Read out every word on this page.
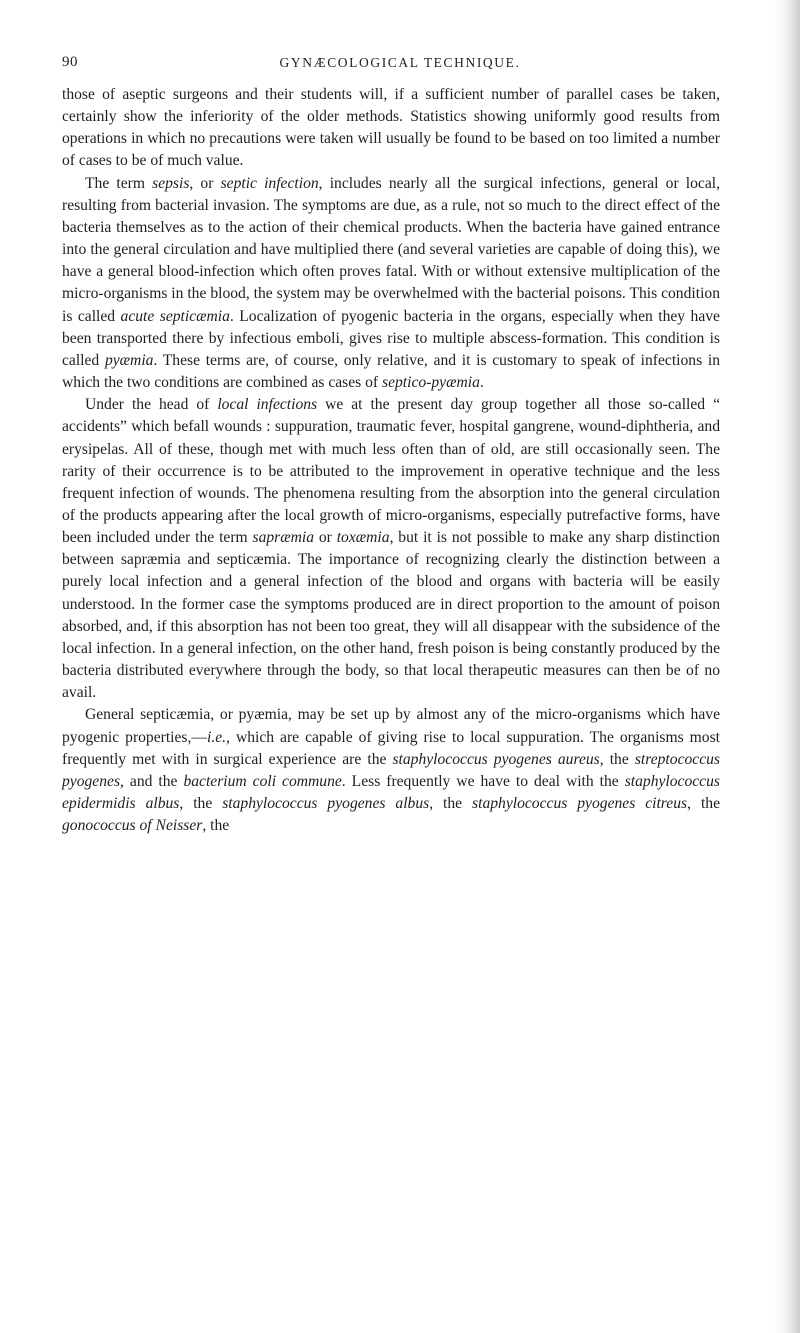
90	GYNÆCOLOGICAL TECHNIQUE.

those of aseptic surgeons and their students will, if a sufficient number of parallel cases be taken, certainly show the inferiority of the older methods. Statistics showing uniformly good results from operations in which no precautions were taken will usually be found to be based on too limited a number of cases to be of much value.

The term sepsis, or septic infection, includes nearly all the surgical infections, general or local, resulting from bacterial invasion. The symptoms are due, as a rule, not so much to the direct effect of the bacteria themselves as to the action of their chemical products. When the bacteria have gained entrance into the general circulation and have multiplied there (and several varieties are capable of doing this), we have a general blood-infection which often proves fatal. With or without extensive multiplication of the micro-organisms in the blood, the system may be overwhelmed with the bacterial poisons. This condition is called acute septicæmia. Localization of pyogenic bacteria in the organs, especially when they have been transported there by infectious emboli, gives rise to multiple abscess-formation. This condition is called pyæmia. These terms are, of course, only relative, and it is customary to speak of infections in which the two conditions are combined as cases of septico-pyæmia.

Under the head of local infections we at the present day group together all those so-called “ accidents” which befall wounds : suppuration, traumatic fever, hospital gangrene, wound-diphtheria, and erysipelas. All of these, though met with much less often than of old, are still occasionally seen. The rarity of their occurrence is to be attributed to the improvement in operative technique and the less frequent infection of wounds. The phenomena resulting from the absorption into the general circulation of the products appearing after the local growth of micro-organisms, especially putrefactive forms, have been included under the term sapræmia or toxæmia, but it is not possible to make any sharp distinction between sapræmia and septicæmia. The importance of recognizing clearly the distinction between a purely local infection and a general infection of the blood and organs with bacteria will be easily understood. In the former case the symptoms produced are in direct proportion to the amount of poison absorbed, and, if this absorption has not been too great, they will all disappear with the subsidence of the local infection. In a general infection, on the other hand, fresh poison is being constantly produced by the bacteria distributed everywhere through the body, so that local therapeutic measures can then be of no avail.

General septicæmia, or pyæmia, may be set up by almost any of the micro-organisms which have pyogenic properties,—i.e., which are capable of giving rise to local suppuration. The organisms most frequently met with in surgical experience are the staphylococcus pyogenes aureus, the streptococcus pyogenes, and the bacterium coli commune. Less frequently we have to deal with the staphylococcus epidermidis albus, the staphylococcus pyogenes albus, the staphylococcus pyogenes citreus, the gonococcus of Neisser, the
